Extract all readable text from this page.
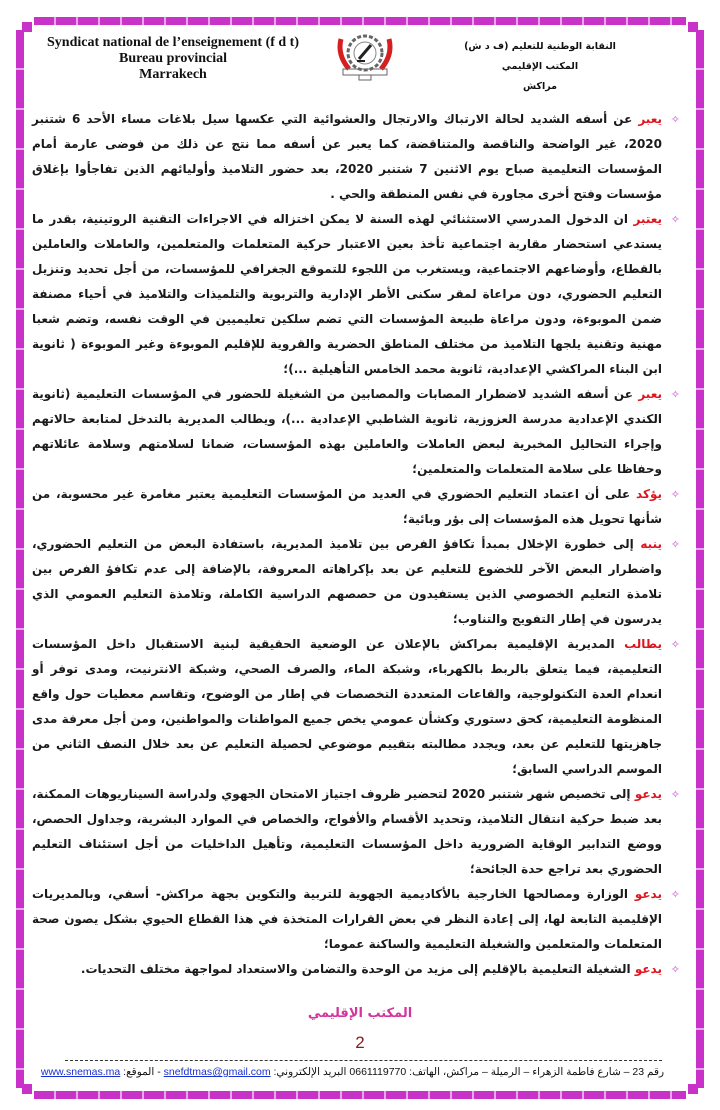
Syndicat national de l’enseignement (f d t)
Bureau provincial
Marrakech
النقابة الوطنية للتعليم (ف د ش)
المكتب الإقليمي
مراكش

✧
يعبر عن أسفه الشديد لحالة الارتباك والارتجال والعشوائية التي عكسها سيل بلاغات مساء الأحد 6 شتنبر 2020، غير الواضحة والناقصة والمتناقضة، كما يعبر عن أسفه مما نتج عن ذلك من فوضى عارمة أمام المؤسسات التعليمية صباح يوم الاثنين 7 شتنبر 2020، بعد حضور التلاميذ وأوليائهم الذين تفاجأوا بإغلاق مؤسسات وفتح أخرى مجاورة في نفس المنطقة والحي .

✧
يعتبر ان الدخول المدرسي الاستثنائي لهذه السنة لا يمكن اختزاله في الاجراءات التقنية الروتينية، بقدر ما يستدعي استحضار مقاربة اجتماعية تأخذ بعين الاعتبار حركية المتعلمات والمتعلمين، والعاملات والعاملين بالقطاع، وأوضاعهم الاجتماعية، ويستغرب من اللجوء للتموقع الجغرافي للمؤسسات، من أجل تحديد وتنزيل التعليم الحضوري، دون مراعاة لمقر سكنى الأطر الإدارية والتربوية والتلميذات والتلاميذ في أحياء مصنفة ضمن الموبوءة، ودون مراعاة طبيعة المؤسسات التي تضم سلكين تعليميين في الوقت نفسه، وتضم شعبا مهنية وتقنية يلجها التلاميذ من مختلف المناطق الحضرية والقروية للإقليم الموبوءة وغير الموبوءة ( ثانوية ابن البناء المراكشي الإعدادية، ثانوية محمد الخامس التأهيلية ...)؛

✧
يعبر عن أسفه الشديد لاضطرار المصابات والمصابين من الشغيلة للحضور في المؤسسات التعليمية (ثانوية الكندي الإعدادية مدرسة العزوزية، ثانوية الشاطبي الإعدادية ...)، ويطالب المديرية بالتدخل لمتابعة حالاتهم وإجراء التحاليل المخبرية لبعض العاملات والعاملين بهذه المؤسسات، ضمانا لسلامتهم وسلامة عائلاتهم وحفاظا على سلامة المتعلمات والمتعلمين؛

✧
يؤكد على أن اعتماد التعليم الحضوري في العديد من المؤسسات التعليمية يعتبر مغامرة غير محسوبة، من شأنها تحويل هذه المؤسسات إلى بؤر وبائية؛

✧
ينبه إلى خطورة الإخلال بمبدأ تكافؤ الفرص بين تلاميذ المديرية، باستفادة البعض من التعليم الحضوري، واضطرار البعض الآخر للخضوع للتعليم عن بعد بإكراهاته المعروفة، بالإضافة إلى عدم تكافؤ الفرص بين تلامذة التعليم الخصوصي الذين يستفيدون من حصصهم الدراسية الكاملة، وتلامذة التعليم العمومي الذي يدرسون في إطار التفويج والتناوب؛

✧
يطالب المديرية الإقليمية بمراكش بالإعلان عن الوضعية الحقيقية لبنية الاستقبال داخل المؤسسات التعليمية، فيما يتعلق بالربط بالكهرباء، وشبكة الماء، والصرف الصحي، وشبكة الانترنيت، ومدى توفر أو انعدام العدة التكنولوجية، والقاعات المتعددة التخصصات في إطار من الوضوح، وتقاسم معطيات حول واقع المنظومة التعليمية، كحق دستوري وكشأن عمومي يخص جميع المواطنات والمواطنين، ومن أجل معرفة مدى جاهزيتها للتعليم عن بعد، ويجدد مطالبته بتقييم موضوعي لحصيلة التعليم عن بعد خلال النصف الثاني من الموسم الدراسي السابق؛

✧
يدعو إلى تخصيص شهر شتنبر 2020 لتحضير ظروف اجتياز الامتحان الجهوي ولدراسة السيناريوهات الممكنة، بعد ضبط حركية انتقال التلاميذ، وتحديد الأقسام والأفواج، والخصاص في الموارد البشرية، وجداول الحصص، ووضع التدابير الوقاية الضرورية داخل المؤسسات التعليمية، وتأهيل الداخليات من أجل استئناف التعليم الحضوري بعد تراجع حدة الجائحة؛

✧
يدعو الوزارة ومصالحها الخارجية بالأكاديمية الجهوية للتربية والتكوين بجهة مراكش- أسفي، وبالمديريات الإقليمية التابعة لها، إلى إعادة النظر في بعض القرارات المتخذة في هذا القطاع الحيوي بشكل يصون صحة المتعلمات والمتعلمين والشغيلة التعليمية والساكنة عموما؛

✧
يدعو الشغيلة التعليمية بالإقليم إلى مزيد من الوحدة والتضامن والاستعداد لمواجهة مختلف التحديات.

المكتب الإقليمي
2
رقم 23 – شارع فاطمة الزهراء – الرميلة – مراكش، الهاتف: 0661119770 البريد الإلكتروني: snefdtmas@gmail.com - الموقع: www.snemas.ma
